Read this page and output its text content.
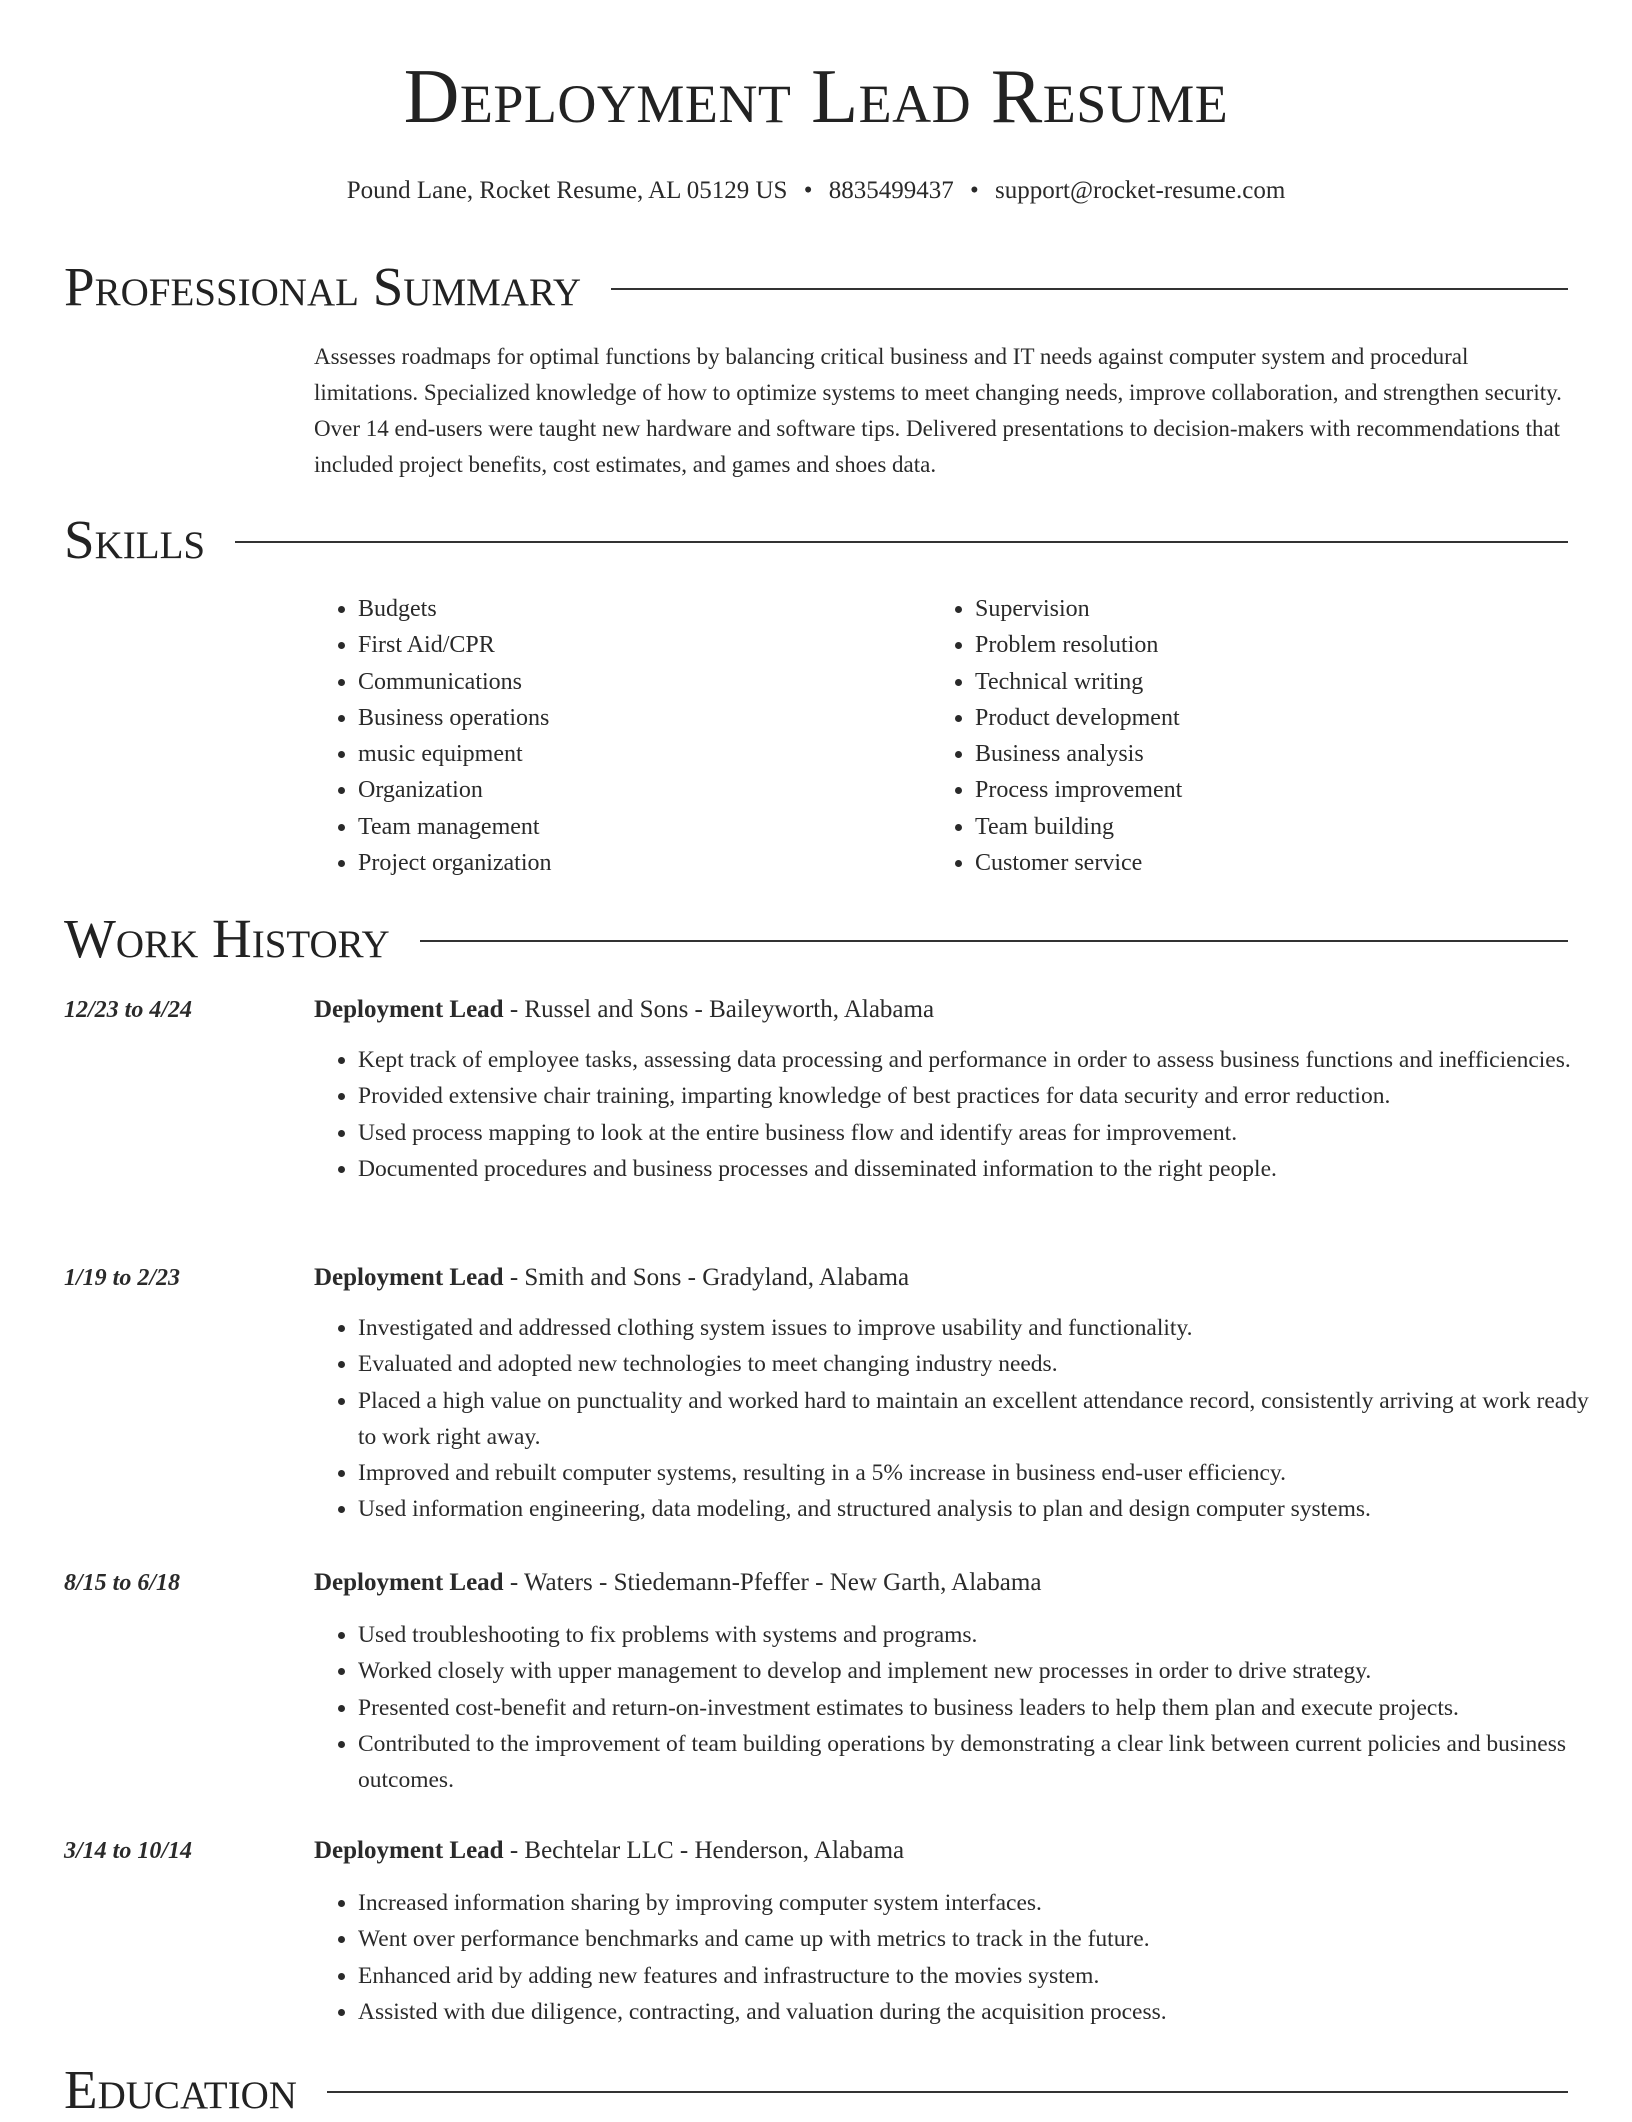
Deployment Lead Resume
Pound Lane, Rocket Resume, AL 05129 US • 8835499437 • support@rocket-resume.com
Professional Summary
Assesses roadmaps for optimal functions by balancing critical business and IT needs against computer system and procedural limitations. Specialized knowledge of how to optimize systems to meet changing needs, improve collaboration, and strengthen security. Over 14 end-users were taught new hardware and software tips. Delivered presentations to decision-makers with recommendations that included project benefits, cost estimates, and games and shoes data.
Skills
• Budgets
• First Aid/CPR
• Communications
• Business operations
• music equipment
• Organization
• Team management
• Project organization
• Supervision
• Problem resolution
• Technical writing
• Product development
• Business analysis
• Process improvement
• Team building
• Customer service
Work History
12/23 to 4/24	Deployment Lead - Russel and Sons - Baileyworth, Alabama
• Kept track of employee tasks, assessing data processing and performance in order to assess business functions and inefficiencies.
• Provided extensive chair training, imparting knowledge of best practices for data security and error reduction.
• Used process mapping to look at the entire business flow and identify areas for improvement.
• Documented procedures and business processes and disseminated information to the right people.
1/19 to 2/23	Deployment Lead - Smith and Sons - Gradyland, Alabama
• Investigated and addressed clothing system issues to improve usability and functionality.
• Evaluated and adopted new technologies to meet changing industry needs.
• Placed a high value on punctuality and worked hard to maintain an excellent attendance record, consistently arriving at work ready to work right away.
• Improved and rebuilt computer systems, resulting in a 5% increase in business end-user efficiency.
• Used information engineering, data modeling, and structured analysis to plan and design computer systems.
8/15 to 6/18	Deployment Lead - Waters - Stiedemann-Pfeffer - New Garth, Alabama
• Used troubleshooting to fix problems with systems and programs.
• Worked closely with upper management to develop and implement new processes in order to drive strategy.
• Presented cost-benefit and return-on-investment estimates to business leaders to help them plan and execute projects.
• Contributed to the improvement of team building operations by demonstrating a clear link between current policies and business outcomes.
3/14 to 10/14	Deployment Lead - Bechtelar LLC - Henderson, Alabama
• Increased information sharing by improving computer system interfaces.
• Went over performance benchmarks and came up with metrics to track in the future.
• Enhanced arid by adding new features and infrastructure to the movies system.
• Assisted with due diligence, contracting, and valuation during the acquisition process.
Education
